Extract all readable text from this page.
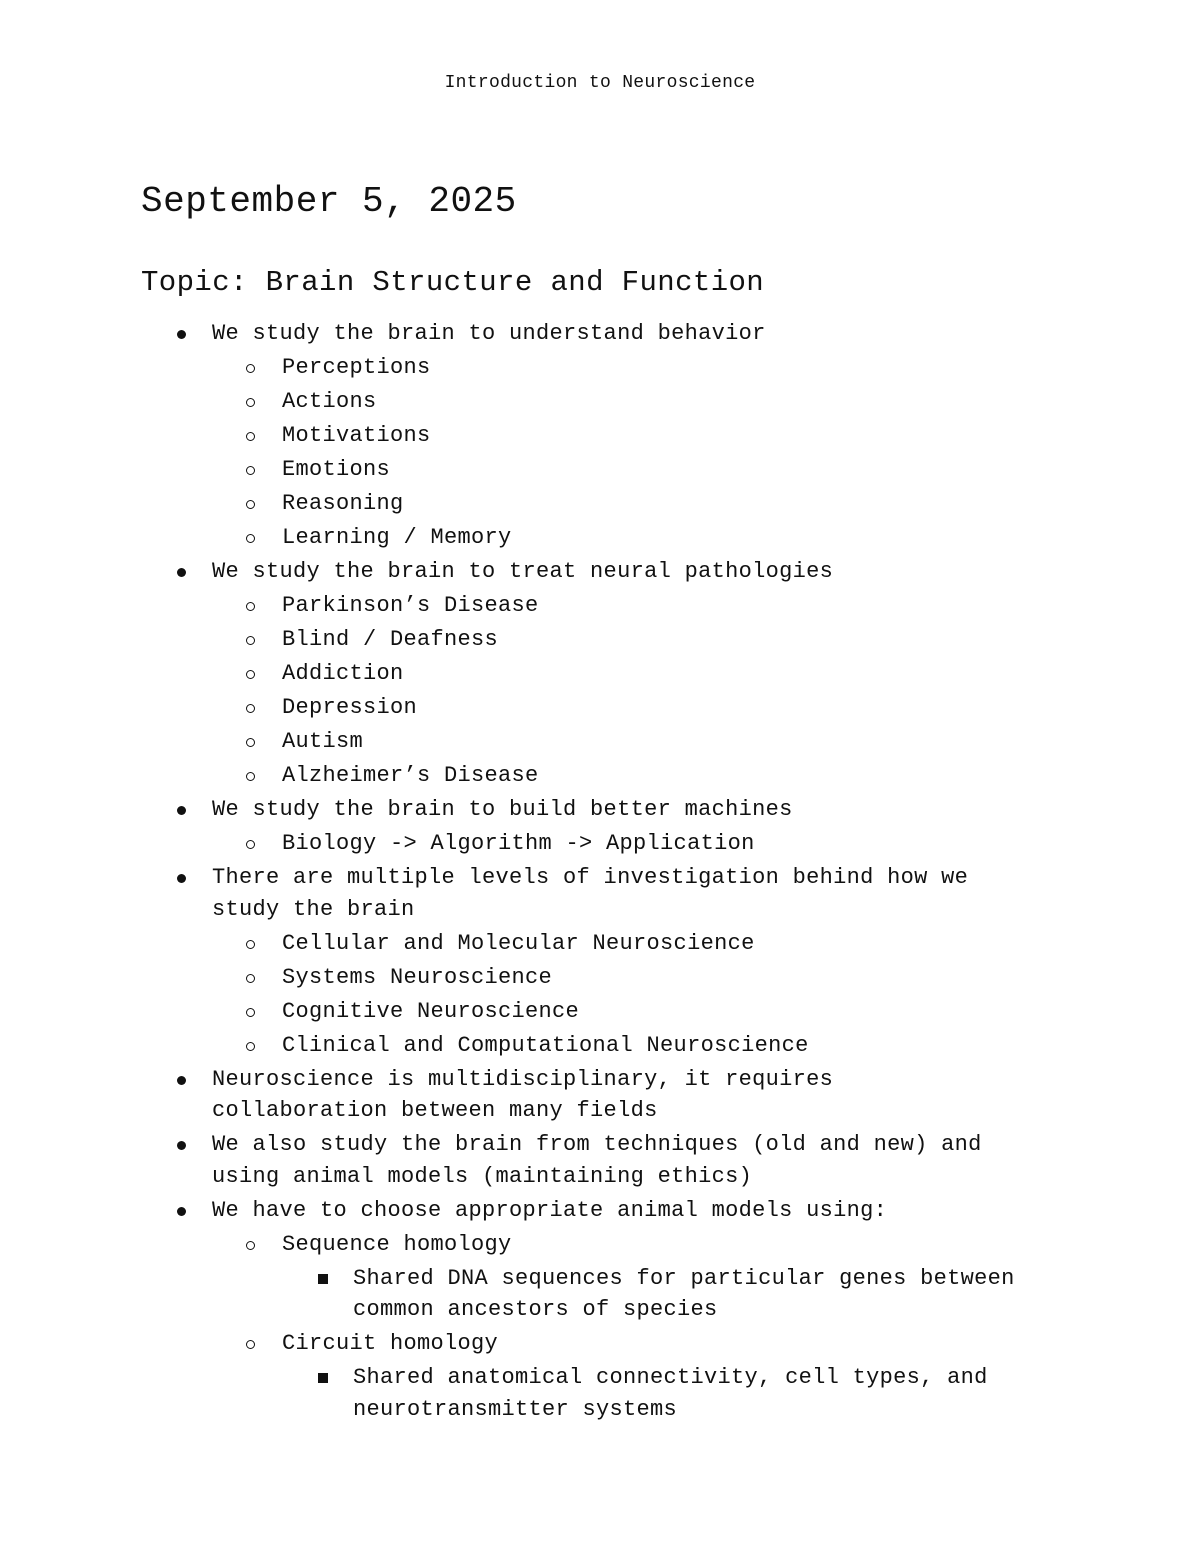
Introduction to Neuroscience
September 5, 2025
Topic: Brain Structure and Function
We study the brain to understand behavior
Perceptions
Actions
Motivations
Emotions
Reasoning
Learning / Memory
We study the brain to treat neural pathologies
Parkinson’s Disease
Blind / Deafness
Addiction
Depression
Autism
Alzheimer’s Disease
We study the brain to build better machines
Biology -> Algorithm -> Application
There are multiple levels of investigation behind how we
study the brain
Cellular and Molecular Neuroscience
Systems Neuroscience
Cognitive Neuroscience
Clinical and Computational Neuroscience
Neuroscience is multidisciplinary, it requires
collaboration between many fields
We also study the brain from techniques (old and new) and
using animal models (maintaining ethics)
We have to choose appropriate animal models using:
Sequence homology
Shared DNA sequences for particular genes between
common ancestors of species
Circuit homology
Shared anatomical connectivity, cell types, and
neurotransmitter systems
